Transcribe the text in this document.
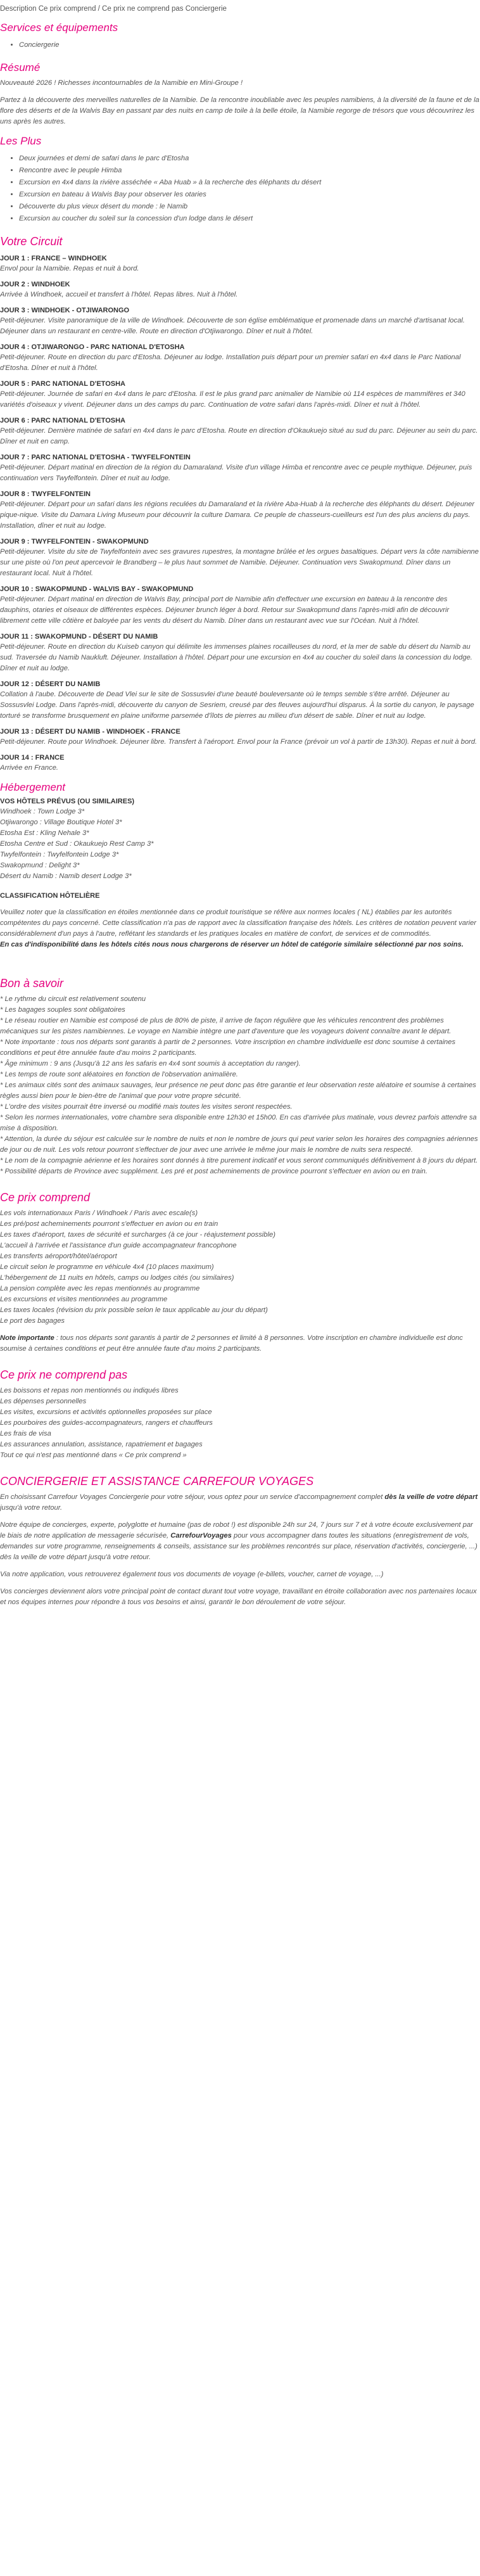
Description Ce prix comprend / Ce prix ne comprend pas Conciergerie
Services et équipements
• Conciergerie
Résumé

Nouveauté 2026 ! Richesses incontournables de la Namibie en Mini-Groupe !

Partez à la découverte des merveilles naturelles de la Namibie. De la rencontre inoubliable avec les peuples namibiens, à la diversité de la faune et de la flore des déserts et de la Walvis Bay en passant par des nuits en camp de toile à la belle étoile, la Namibie regorge de trésors que vous découvrirez les uns après les autres.

Les Plus
• Deux journées et demi de safari dans le parc d'Etosha
• Rencontre avec le peuple Himba
• Excursion en 4x4 dans la rivière asséchée « Aba Huab » à la recherche des éléphants du désert
• Excursion en bateau à Walvis Bay pour observer les otaries
• Découverte du plus vieux désert du monde : le Namib
• Excursion au coucher du soleil sur la concession d'un lodge dans le désert
Votre Circuit
JOUR 1 : FRANCE – WINDHOEK
Envol pour la Namibie. Repas et nuit à bord.
JOUR 2 : WINDHOEK
Arrivée à Windhoek, accueil et transfert à l'hôtel. Repas libres. Nuit à l'hôtel.
JOUR 3 : WINDHOEK - OTJIWARONGO
Petit-déjeuner. Visite panoramique de la ville de Windhoek. Découverte de son église emblématique et promenade dans un marché d'artisanat local. Déjeuner dans un restaurant en centre-ville. Route en direction d'Otjiwarongo. Dîner et nuit à l'hôtel.
JOUR 4 : OTJIWARONGO - PARC NATIONAL D'ETOSHA
Petit-déjeuner. Route en direction du parc d'Etosha. Déjeuner au lodge. Installation puis départ pour un premier safari en 4x4 dans le Parc National d'Etosha. Dîner et nuit à l'hôtel.
JOUR 5 : PARC NATIONAL D'ETOSHA
Petit-déjeuner. Journée de safari en 4x4 dans le parc d'Etosha. Il est le plus grand parc animalier de Namibie où 114 espèces de mammifères et 340 variétés d'oiseaux y vivent. Déjeuner dans un des camps du parc. Continuation de votre safari dans l'après-midi. Dîner et nuit à l'hôtel.
JOUR 6 : PARC NATIONAL D'ETOSHA
Petit-déjeuner. Dernière matinée de safari en 4x4 dans le parc d'Etosha. Route en direction d'Okaukuejo situé au sud du parc. Déjeuner au sein du parc. Dîner et nuit en camp.
JOUR 7 : PARC NATIONAL D'ETOSHA - TWYFELFONTEIN
Petit-déjeuner. Départ matinal en direction de la région du Damaraland. Visite d'un village Himba et rencontre avec ce peuple mythique. Déjeuner, puis continuation vers Twyfelfontein. Dîner et nuit au lodge.
JOUR 8 : TWYFELFONTEIN
Petit-déjeuner. Départ pour un safari dans les régions reculées du Damaraland et la rivière Aba-Huab à la recherche des éléphants du désert. Déjeuner pique-nique. Visite du Damara Living Museum pour découvrir la culture Damara. Ce peuple de chasseurs-cueilleurs est l'un des plus anciens du pays. Installation, dîner et nuit au lodge.
JOUR 9 : TWYFELFONTEIN - SWAKOPMUND
Petit-déjeuner. Visite du site de Twyfelfontein avec ses gravures rupestres, la montagne brûlée et les orgues basaltiques. Départ vers la côte namibienne sur une piste où l'on peut apercevoir le Brandberg – le plus haut sommet de Namibie. Déjeuner. Continuation vers Swakopmund. Dîner dans un restaurant local. Nuit à l'hôtel.
JOUR 10 : SWAKOPMUND - WALVIS BAY - SWAKOPMUND
Petit-déjeuner. Départ matinal en direction de Walvis Bay, principal port de Namibie afin d'effectuer une excursion en bateau à la rencontre des dauphins, otaries et oiseaux de différentes espèces. Déjeuner brunch léger à bord. Retour sur Swakopmund dans l'après-midi afin de découvrir librement cette ville côtière et baloyée par les vents du désert du Namib. Dîner dans un restaurant avec vue sur l'Océan. Nuit à l'hôtel.
JOUR 11 : SWAKOPMUND - DÉSERT DU NAMIB
Petit-déjeuner. Route en direction du Kuiseb canyon qui délimite les immenses plaines rocailleuses du nord, et la mer de sable du désert du Namib au sud. Traversée du Namib Naukluft. Déjeuner. Installation à l'hôtel. Départ pour une excursion en 4x4 au coucher du soleil dans la concession du lodge. Dîner et nuit au lodge.
JOUR 12 : DÉSERT DU NAMIB
Collation à l'aube. Découverte de Dead Vlei sur le site de Sossusvlei d'une beauté bouleversante où le temps semble s'être arrêté. Déjeuner au Sossusvlei Lodge. Dans l'après-midi, découverte du canyon de Sesriem, creusé par des fleuves aujourd'hui disparus. À la sortie du canyon, le paysage torturé se transforme brusquement en plaine uniforme parsemée d'îlots de pierres au milieu d'un désert de sable. Dîner et nuit au lodge.
JOUR 13 : DÉSERT DU NAMIB - WINDHOEK - FRANCE
Petit-déjeuner. Route pour Windhoek. Déjeuner libre. Transfert à l'aéroport. Envol pour la France (prévoir un vol à partir de 13h30). Repas et nuit à bord.
JOUR 14 : FRANCE
Arrivée en France.
Hébergement
VOS HÔTELS PRÉVUS (OU SIMILAIRES)
Windhoek : Town Lodge 3*
Otjiwarongo : Village Boutique Hotel 3*
Etosha Est : Kling Nehale 3*
Etosha Centre et Sud : Okaukuejo Rest Camp 3*
Twyfelfontein : Twyfelfontein Lodge 3*
Swakopmund : Delight 3*
Désert du Namib : Namib desert Lodge 3*
CLASSIFICATION HÔTELIÈRE

Veuillez noter que la classification en étoiles mentionnée dans ce produit touristique se réfère aux normes locales ( NL) établies par les autorités compétentes du pays concerné. Cette classification n'a pas de rapport avec la classification française des hôtels. Les critères de notation peuvent varier considérablement d'un pays à l'autre, reflétant les standards et les pratiques locales en matière de confort, de services et de commodités.

En cas d'indisponibilité dans les hôtels cités nous nous chargerons de réserver un hôtel de catégorie similaire sélectionné par nos soins.

Bon à savoir
* Le rythme du circuit est relativement soutenu
* Les bagages souples sont obligatoires
* Le réseau routier en Namibie est composé de plus de 80% de piste, il arrive de façon régulière que les véhicules rencontrent des problèmes mécaniques sur les pistes namibiennes. Le voyage en Namibie intègre une part d'aventure que les voyageurs doivent connaître avant le départ.
* Note importante : tous nos départs sont garantis à partir de 2 personnes. Votre inscription en chambre individuelle est donc soumise à certaines conditions et peut être annulée faute d'au moins 2 participants.
* Âge minimum : 9 ans (Jusqu'à 12 ans les safaris en 4x4 sont soumis à acceptation du ranger).
* Les temps de route sont aléatoires en fonction de l'observation animalière.
* Les animaux cités sont des animaux sauvages, leur présence ne peut donc pas être garantie et leur observation reste aléatoire et soumise à certaines règles aussi bien pour le bien-être de l'animal que pour votre propre sécurité.
* L'ordre des visites pourrait être inversé ou modifié mais toutes les visites seront respectées.
* Selon les normes internationales, votre chambre sera disponible entre 12h30 et 15h00. En cas d'arrivée plus matinale, vous devrez parfois attendre sa mise à disposition.
* Attention, la durée du séjour est calculée sur le nombre de nuits et non le nombre de jours qui peut varier selon les horaires des compagnies aériennes de jour ou de nuit. Les vols retour pourront s'effectuer de jour avec une arrivée le même jour mais le nombre de nuits sera respecté.
* Le nom de la compagnie aérienne et les horaires sont donnés à titre purement indicatif et vous seront communiqués définitivement à 8 jours du départ.
* Possibilité départs de Province avec supplément. Les pré et post acheminements de province pourront s'effectuer en avion ou en train.
Ce prix comprend
Les vols internationaux Paris / Windhoek / Paris avec escale(s)
Les pré/post acheminements pourront s'effectuer en avion ou en train
Les taxes d'aéroport, taxes de sécurité et surcharges (à ce jour - réajustement possible)
L'accueil à l'arrivée et l'assistance d'un guide accompagnateur francophone
Les transferts aéroport/hôtel/aéroport
Le circuit selon le programme en véhicule 4x4 (10 places maximum)
L'hébergement de 11 nuits en hôtels, camps ou lodges cités (ou similaires)
La pension complète avec les repas mentionnés au programme
Les excursions et visites mentionnées au programme
Les taxes locales (révision du prix possible selon le taux applicable au jour du départ)
Le port des bagages

Note importante : tous nos départs sont garantis à partir de 2 personnes et limité à 8 personnes. Votre inscription en chambre individuelle est donc soumise à certaines conditions et peut être annulée faute d'au moins 2 participants.

Ce prix ne comprend pas
Les boissons et repas non mentionnés ou indiqués libres
Les dépenses personnelles
Les visites, excursions et activités optionnelles proposées sur place
Les pourboires des guides-accompagnateurs, rangers et chauffeurs
Les frais de visa
Les assurances annulation, assistance, rapatriement et bagages
Tout ce qui n'est pas mentionné dans « Ce prix comprend »
CONCIERGERIE ET ASSISTANCE CARREFOUR VOYAGES

En choisissant Carrefour Voyages Conciergerie pour votre séjour, vous optez pour un service d'accompagnement complet dès la veille de votre départ jusqu'à votre retour.

Notre équipe de concierges, experte, polyglotte et humaine (pas de robot !) est disponible 24h sur 24, 7 jours sur 7 et à votre écoute exclusivement par le biais de notre application de messagerie sécurisée, CarrefourVoyages pour vous accompagner dans toutes les situations (enregistrement de vols, demandes sur votre programme, renseignements & conseils, assistance sur les problèmes rencontrés sur place, réservation d'activités, conciergerie, ...) dès la veille de votre départ jusqu'à votre retour.

Via notre application, vous retrouverez également tous vos documents de voyage (e-billets, voucher, carnet de voyage, ...)

Vos concierges deviennent alors votre principal point de contact durant tout votre voyage, travaillant en étroite collaboration avec nos partenaires locaux et nos équipes internes pour répondre à tous vos besoins et ainsi, garantir le bon déroulement de votre séjour.
